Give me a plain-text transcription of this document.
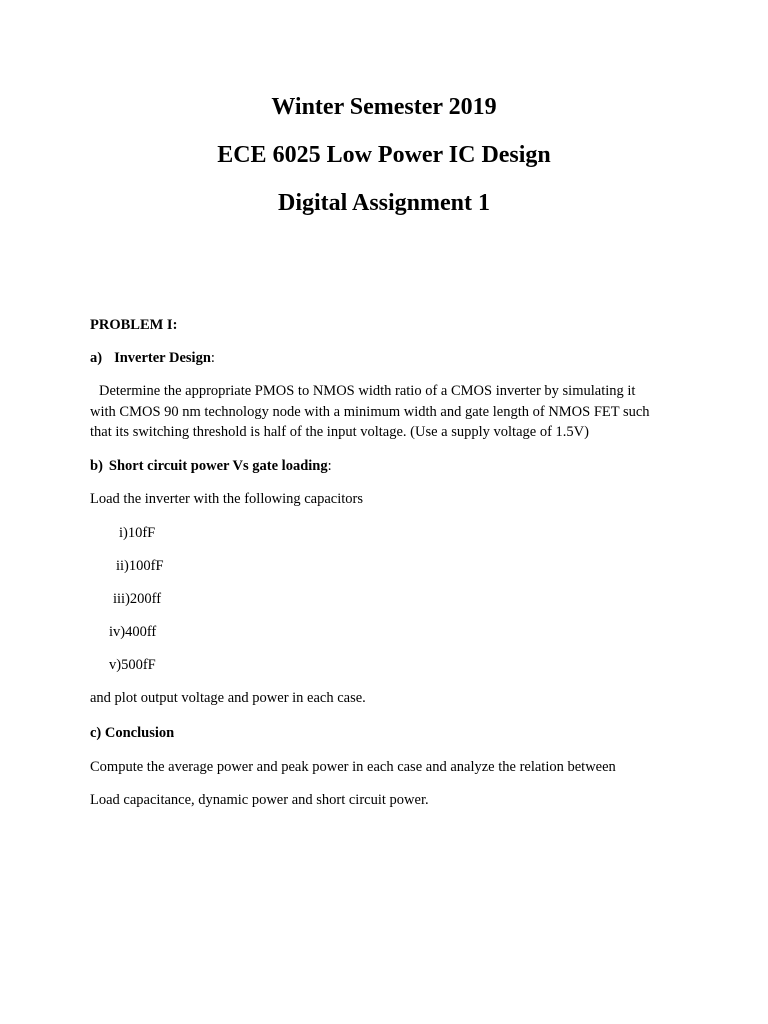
Winter Semester 2019
ECE 6025 Low Power IC Design
Digital Assignment 1

PROBLEM I:

a) Inverter Design:

Determine the appropriate PMOS to NMOS width ratio of a CMOS inverter by simulating it
with CMOS 90 nm technology node with a minimum width and gate length of NMOS FET such
that its switching threshold is half of the input voltage. (Use a supply voltage of 1.5V)

b) Short circuit power Vs gate loading:

Load the inverter with the following capacitors

i)10fF

ii)100fF

iii)200ff

iv)400ff

v)500fF

and plot output voltage and power in each case.

c) Conclusion

Compute the average power and peak power in each case and analyze the relation between

Load capacitance, dynamic power and short circuit power.
